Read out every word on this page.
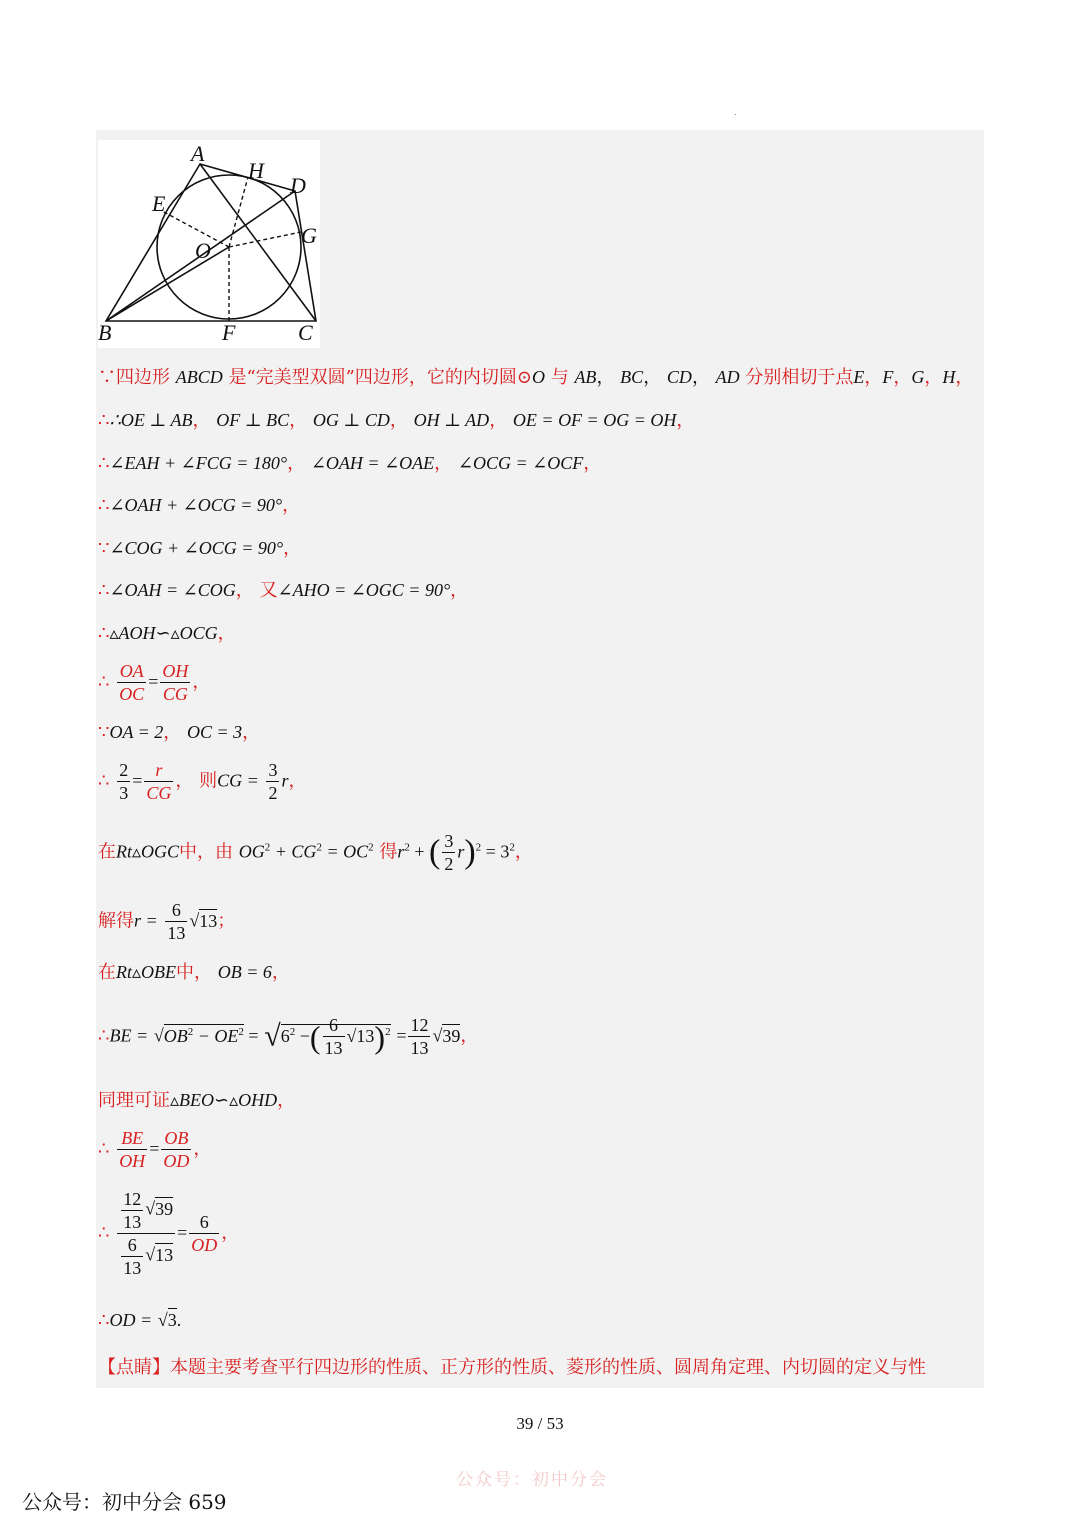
.
A
H
D
E
O
G
B	F	C
∵四边形 ABCD 是“完美型双圆”四边形，它的内切圆⊙O 与 AB， BC， CD， AD 分别相切于点E，F，G，H，
∴∴OE ⊥ AB， OF ⊥ BC， OG ⊥ CD， OH ⊥ AD， OE = OF = OG = OH，
∴∠EAH + ∠FCG = 180°， ∠OAH = ∠OAE， ∠OCG = ∠OCF，
∴∠OAH + ∠OCG = 90°，
∵∠COG + ∠OCG = 90°，
∴∠OAH = ∠COG， 又∠AHO = ∠OGC = 90°，
∴▵AOH∽▵OCG，
∴ $\frac{OA}{OC} = \frac{OH}{CG}$ ，
∵OA = 2， OC = 3，
∴ $\frac{2}{3} = \frac{r}{CG}$ ， 则CG = $\frac{3}{2}$ r，
在Rt▵OGC中，由 $OG^2 + CG^2 = OC^2$ 得$r^2$ + ( $\frac{3}{2} r)^2 = 3^2$，
解得$r = \frac{6}{13} √13$；
在Rt▵OBE中， OB = 6，
∴BE = $√OB^2 - OE^2 = √6^2$ −( $\frac{6}{13} √13)^2 = \frac{12}{13} √39$，
同理可证▵BEO∽▵OHD，
∴ $\frac{BE}{OH} = \frac{OB}{OD}$ ，
∴ $\frac{\frac{12}{13} √39}{\frac{6}{13} √13} = \frac{6}{OD}$ ，
∴OD = √3.
【点睛】本题主要考查平行四边形的性质、正方形的性质、菱形的性质、圆周角定理、内切圆的定义与性
39 / 53
公众号：初中分会
公众号：初中分会 659
